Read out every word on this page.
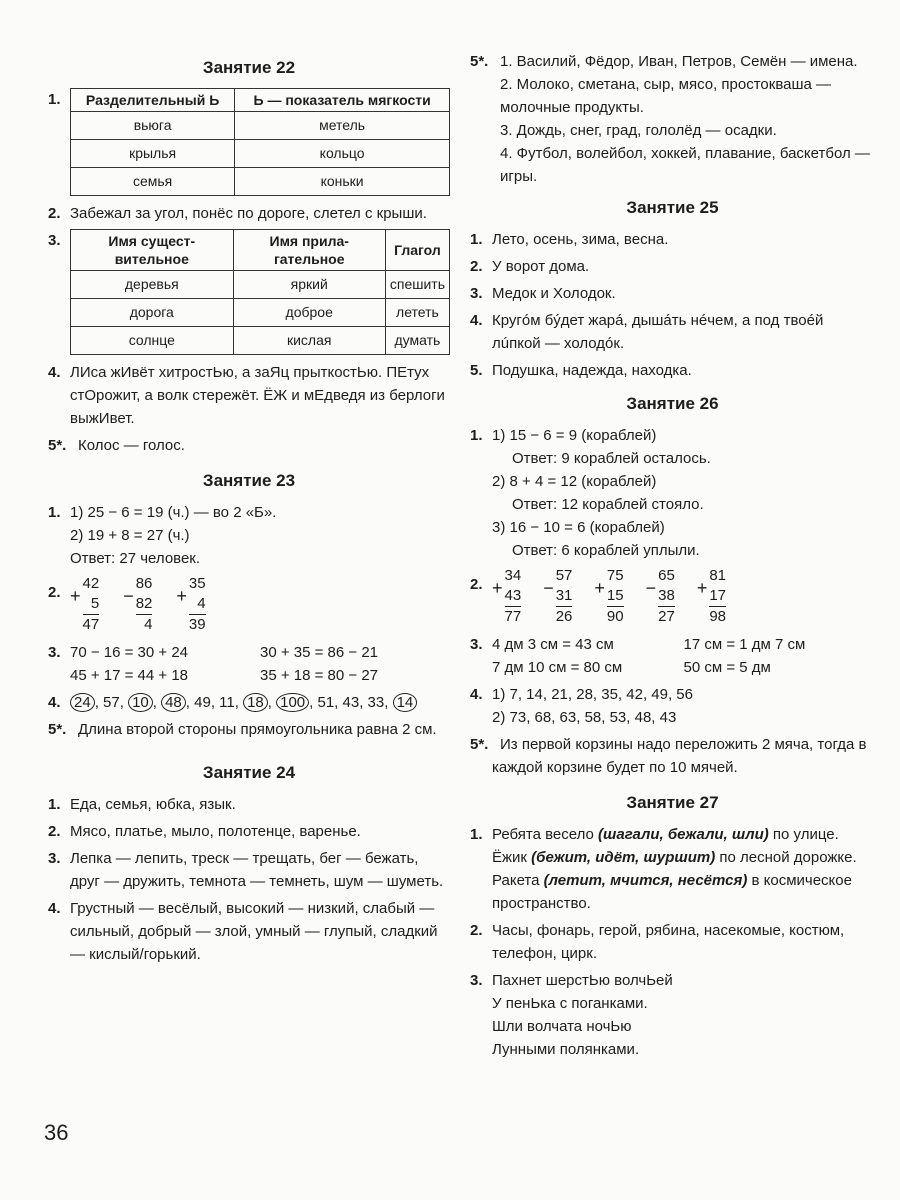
Занятие 22
1. Разделительный Ь	Ь — показатель мягкости
вьюга	метель
крылья	кольцо
семья	коньки
2. Забежал за угол, понёс по дороге, слетел с крыши.
3.	Имя сущест-вительное	Имя прила-гательное	Глагол
деревья	яркий	спешить
дорога	доброе	лететь
солнце	кислая	думать
4. ЛИса жИвёт хитростЬю, а заЯц прыткостЬю. ПЕтух стОрожит, а волк стережёт. ЁЖ и мЕдведя из берлоги выжИвет.
5*. Колос — голос.
Занятие 23
1. 1) 25 − 6 = 19 (ч.) — во 2 «Б».
2) 19 + 8 = 27 (ч.)
Ответ: 27 человек.
2. +
42
5
47
−
86
82
4
+
35
4
39
3. 70 − 16 = 30 + 24	30 + 35 = 86 − 21
45 + 17 = 44 + 18	35 + 18 = 80 − 27
4. 24 , 57, 10 , 48 , 49, 11, 18 , 100 , 51, 43, 33, 14
5*. Длина второй стороны прямоугольника равна 2 см.
Занятие 24
1. Еда, семья, юбка, язык.
2. Мясо, платье, мыло, полотенце, варенье.
3. Лепка — лепить, треск — трещать, бег — бежать, друг — дружить, темнота — темнеть, шум — шуметь.
4. Грустный — весёлый, высокий — низкий, слабый — сильный, добрый — злой, умный — глупый, сладкий — кислый/горький.
5*. 1. Василий, Фёдор, Иван, Петров, Семён — имена.
2. Молоко, сметана, сыр, мясо, простокваша — молочные продукты.
3. Дождь, снег, град, гололёд — осадки.
4. Футбол, волейбол, хоккей, плавание, баскетбол — игры.
Занятие 25
1. Лето, осень, зима, весна.
2. У ворот дома.
3. Медок и Холодок.
4. Кругóм бýдет жарá, дышáть нéчем, а под твоéй лúпкой — холодóк.
5. Подушка, надежда, находка.
Занятие 26
1. 1) 15 − 6 = 9 (кораблей)
Ответ: 9 кораблей осталось.
2) 8 + 4 = 12 (кораблей)
Ответ: 12 кораблей стояло.
3) 16 − 10 = 6 (кораблей)
Ответ: 6 кораблей уплыли.
2. +
34
43
77
−
57
31
26
+
75
15
90
−
65
38
27
+
81
17
98
3. 4 дм 3 см = 43 см	17 см = 1 дм 7 см
7 дм 10 см = 80 см	50 см = 5 дм
4. 1) 7, 14, 21, 28, 35, 42, 49, 56
2) 73, 68, 63, 58, 53, 48, 43
5*. Из первой корзины надо переложить 2 мяча, тогда в каждой корзине будет по 10 мячей.
Занятие 27
1. Ребята весело (шагали, бежали, шли) по улице. Ёжик (бежит, идёт, шуршит) по лесной дорожке. Ракета (летит, мчится, несётся) в космическое пространство.
2. Часы, фонарь, герой, рябина, насекомые, костюм, телефон, цирк.
3. Пахнет шерстЬю волчЬей
У пенЬка с поганками.
Шли волчата ночЬю
Лунными полянками.
36
